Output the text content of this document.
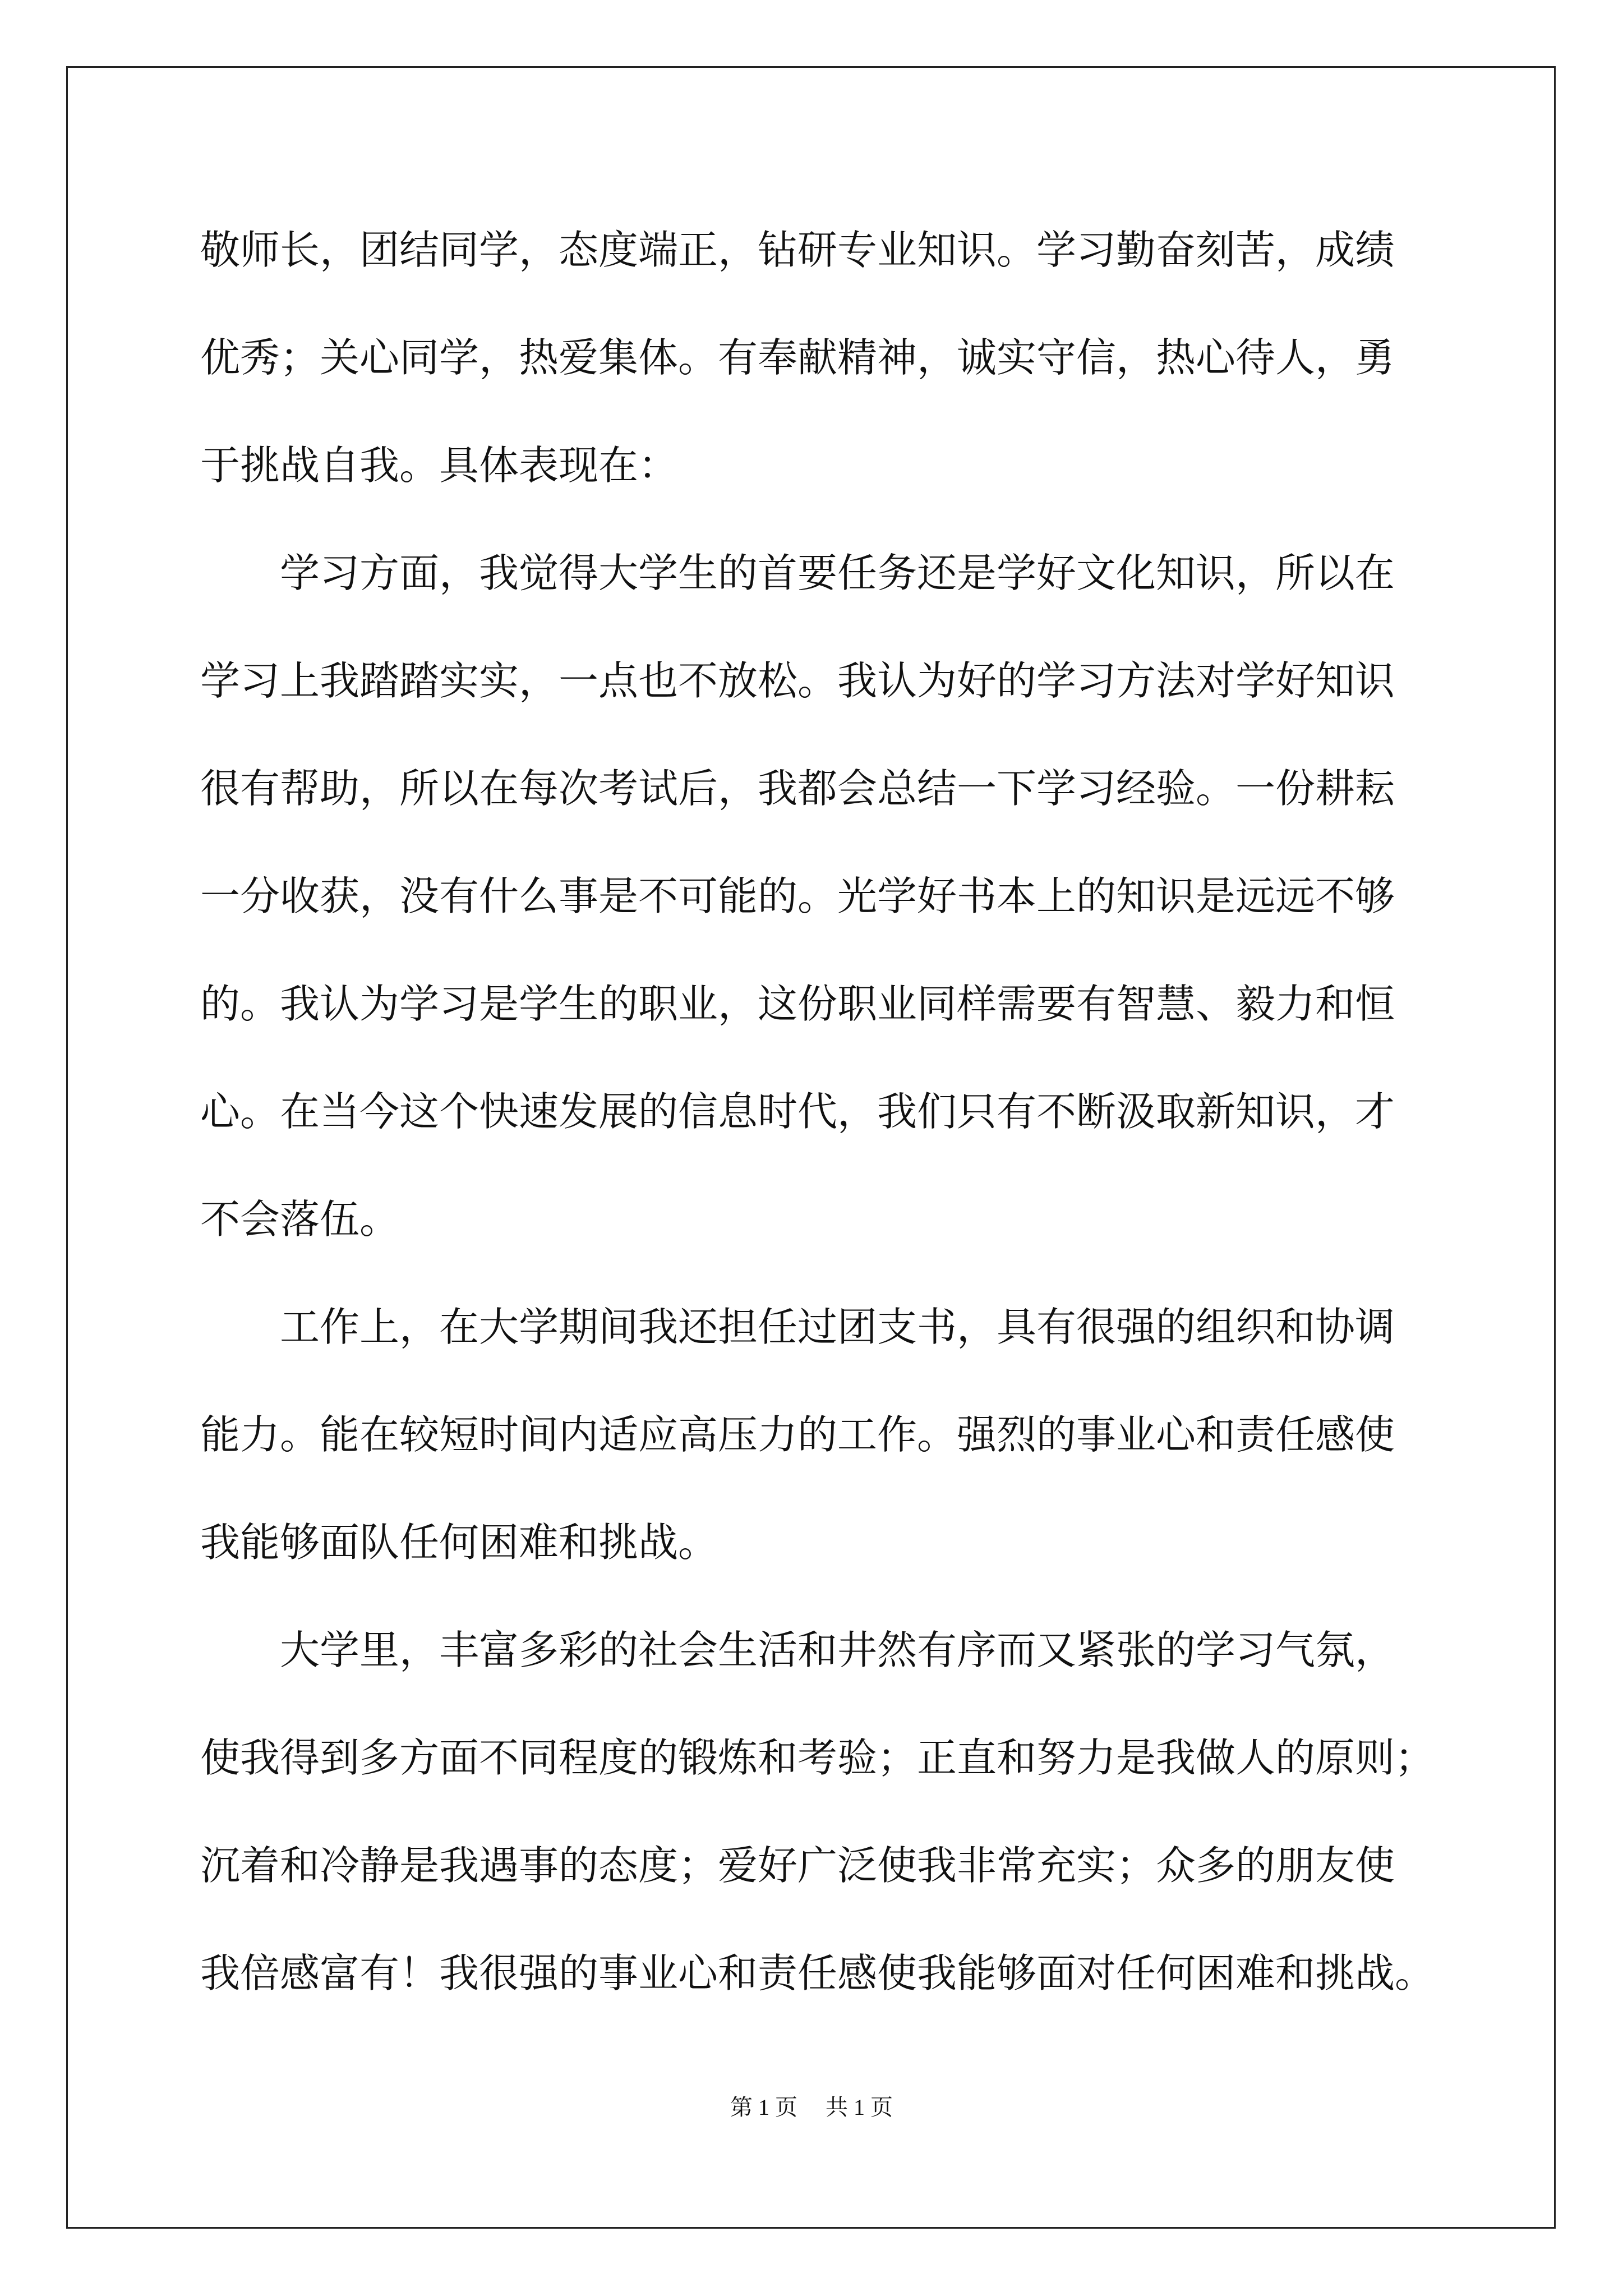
敬师长，团结同学，态度端正，钻研专业知识。学习勤奋刻苦，成绩
优秀；关心同学，热爱集体。有奉献精神，诚实守信，热心待人，勇
于挑战自我。具体表现在：
　　学习方面，我觉得大学生的首要任务还是学好文化知识，所以在
学习上我踏踏实实，一点也不放松。我认为好的学习方法对学好知识
很有帮助，所以在每次考试后，我都会总结一下学习经验。一份耕耘
一分收获，没有什么事是不可能的。光学好书本上的知识是远远不够
的。我认为学习是学生的职业，这份职业同样需要有智慧、毅力和恒
心。在当今这个快速发展的信息时代，我们只有不断汲取新知识，才
不会落伍。
　　工作上，在大学期间我还担任过团支书，具有很强的组织和协调
能力。能在较短时间内适应高压力的工作。强烈的事业心和责任感使
我能够面队任何困难和挑战。
　　大学里，丰富多彩的社会生活和井然有序而又紧张的学习气氛，
使我得到多方面不同程度的锻炼和考验；正直和努力是我做人的原则；
沉着和冷静是我遇事的态度；爱好广泛使我非常充实；众多的朋友使
我倍感富有！我很强的事业心和责任感使我能够面对任何困难和挑战。
第 1 页　 共 1 页
